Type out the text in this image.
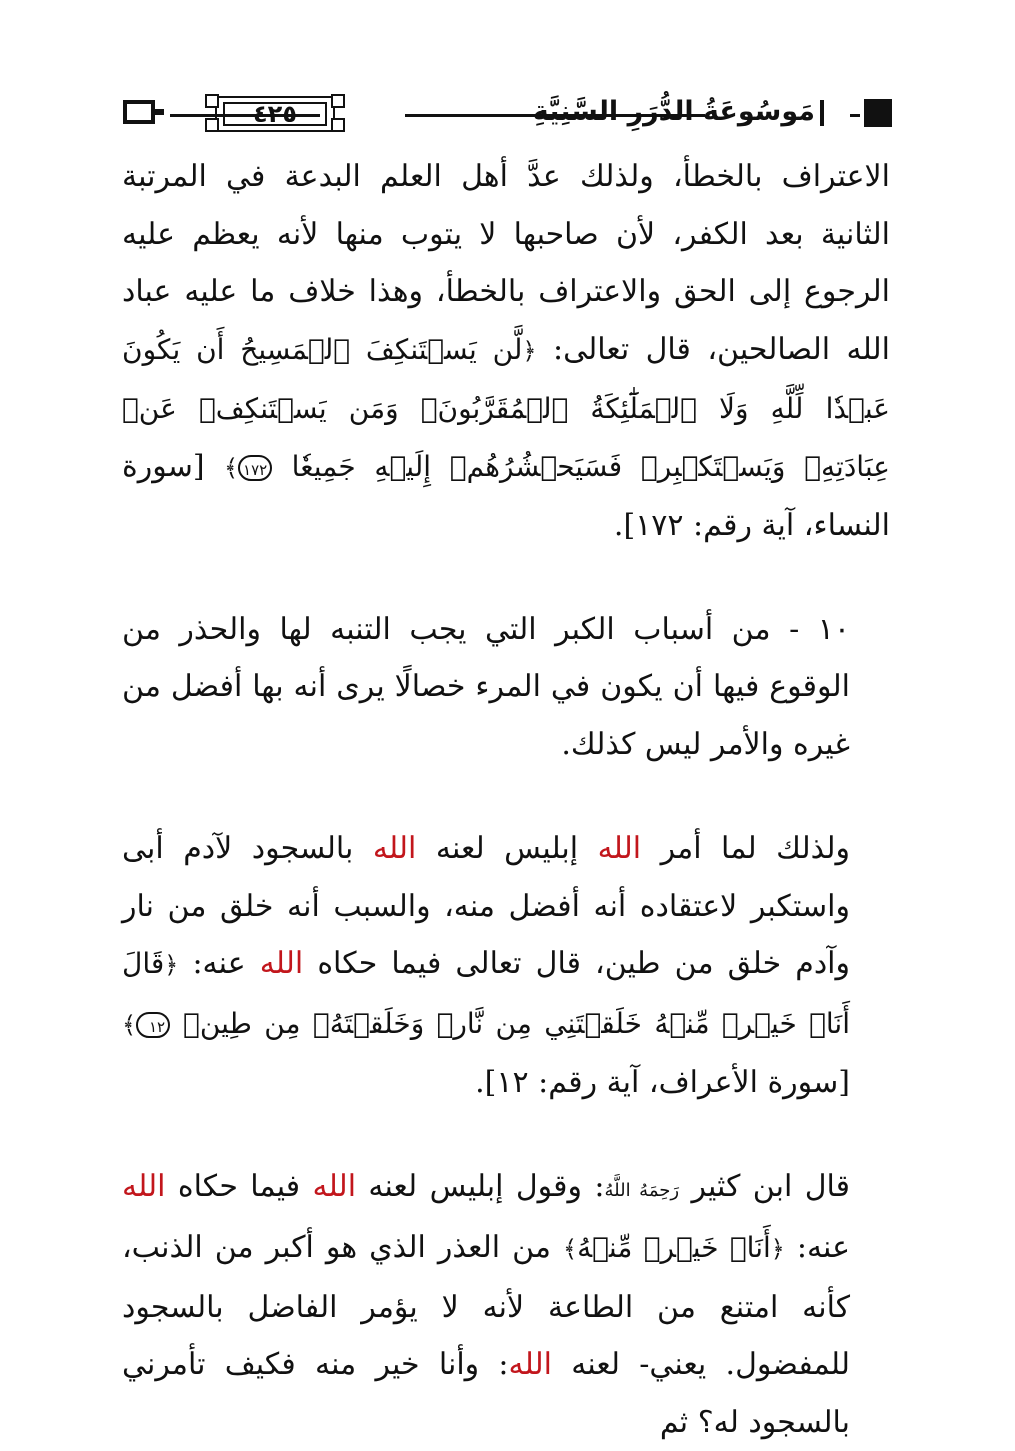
٤٢٥	مَوسُوعَةُ الدُّرَرِ السَّنِيَّةِ

الاعتراف بالخطأ، ولذلك عدَّ أهل العلم البدعة في المرتبة الثانية بعد الكفر، لأن صاحبها لا يتوب منها لأنه يعظم عليه الرجوع إلى الحق والاعتراف بالخطأ، وهذا خلاف ما عليه عباد الله الصالحين، قال تعالى: ﴿لَّن يَسۡتَنكِفَ ٱلۡمَسِيحُ أَن يَكُونَ عَبۡدٗا لِّلَّهِ وَلَا ٱلۡمَلَٰٓئِكَةُ ٱلۡمُقَرَّبُونَۚ وَمَن يَسۡتَنكِفۡ عَنۡ عِبَادَتِهِۦ وَيَسۡتَكۡبِرۡ فَسَيَحۡشُرُهُمۡ إِلَيۡهِ جَمِيعٗا ١٧٢﴾ [سورة النساء، آية رقم: ١٧٢].

١٠ - من أسباب الكبر التي يجب التنبه لها والحذر من الوقوع فيها أن يكون في المرء خصالًا يرى أنه بها أفضل من غيره والأمر ليس كذلك.

ولذلك لما أمر الله إبليس لعنه الله بالسجود لآدم أبى واستكبر لاعتقاده أنه أفضل منه، والسبب أنه خلق من نار وآدم خلق من طين، قال تعالى فيما حكاه الله عنه: ﴿قَالَ أَنَا۠ خَيۡرٞ مِّنۡهُ خَلَقۡتَنِي مِن نَّارٖ وَخَلَقۡتَهُۥ مِن طِينٖ ١٢﴾ [سورة الأعراف، آية رقم: ١٢].

قال ابن كثير رَحِمَهُ اللَّهُ: وقول إبليس لعنه الله فيما حكاه الله عنه: ﴿أَنَا۠ خَيۡرٞ مِّنۡهُ﴾ من العذر الذي هو أكبر من الذنب، كأنه امتنع من الطاعة لأنه لا يؤمر الفاضل بالسجود للمفضول. يعني- لعنه الله: وأنا خير منه فكيف تأمرني بالسجود له؟ ثم
